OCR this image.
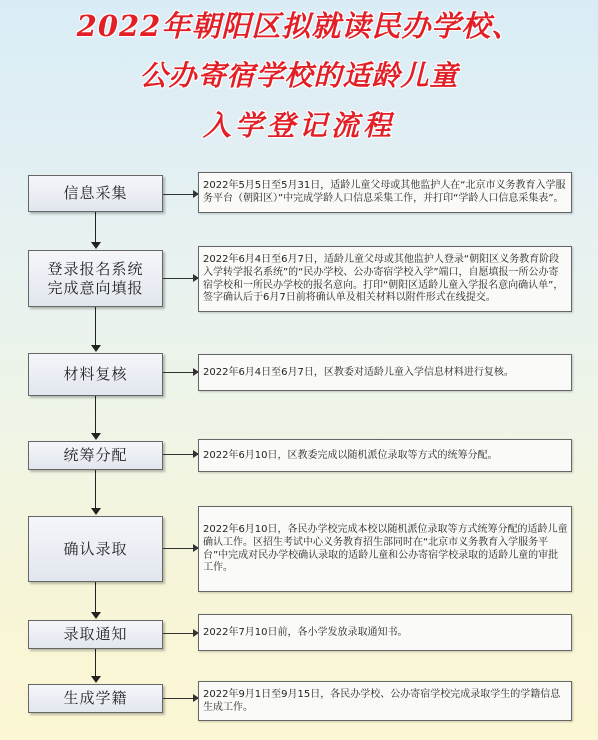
2022年朝阳区拟就读民办学校、
公办寄宿学校的适龄儿童
入学登记流程
信息采集	2022年5月5日至5月31日，适龄儿童父母或其他监护人在“北京市义务教育入学服务平台（朝阳区）”中完成学龄人口信息采集工作，并打印“学龄人口信息采集表”。
登录报名系统完成意向填报
2022年6月4日至6月7日，适龄儿童父母或其他监护人登录“朝阳区义务教育阶段入学转学报名系统”的“民办学校、公办寄宿学校入学”端口，自愿填报一所公办寄宿学校和一所民办学校的报名意向。打印“朝阳区适龄儿童入学报名意向确认单”，签字确认后于6月7日前将确认单及相关材料以附件形式在线提交。
材料复核	2022年6月4日至6月7日，区教委对适龄儿童入学信息材料进行复核。
统筹分配	2022年6月10日，区教委完成以随机派位录取等方式的统筹分配。
确认录取
2022年6月10日，各民办学校完成本校以随机派位录取等方式统筹分配的适龄儿童确认工作。区招生考试中心义务教育招生部同时在“北京市义务教育入学服务平台”中完成对民办学校确认录取的适龄儿童和公办寄宿学校录取的适龄儿童的审批工作。
录取通知	2022年7月10日前，各小学发放录取通知书。
生成学籍	2022年9月1日至9月15日，各民办学校、公办寄宿学校完成录取学生的学籍信息生成工作。
